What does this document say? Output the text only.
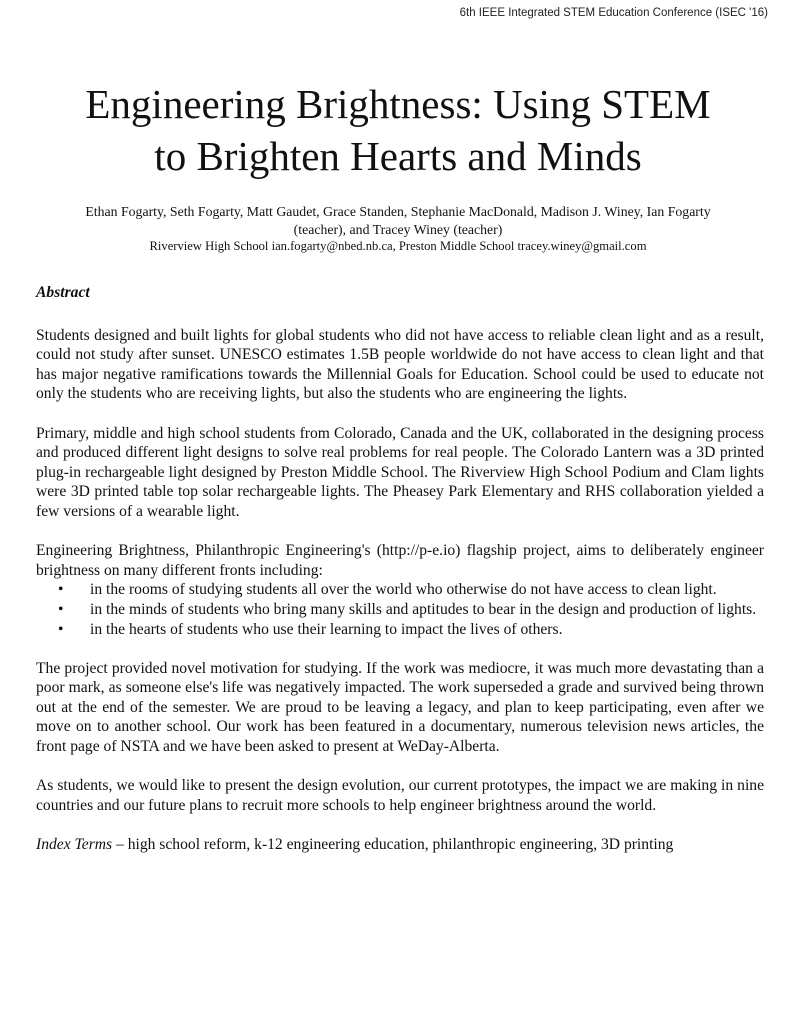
6th IEEE Integrated STEM Education Conference (ISEC '16)
Engineering Brightness: Using STEM
to Brighten Hearts and Minds
Ethan Fogarty, Seth Fogarty, Matt Gaudet, Grace Standen, Stephanie MacDonald, Madison J. Winey, Ian Fogarty
(teacher), and Tracey Winey (teacher)
Riverview High School ian.fogarty@nbed.nb.ca, Preston Middle School tracey.winey@gmail.com
Abstract

Students designed and built lights for global students who did not have access to reliable clean light and as a result, could not study after sunset. UNESCO estimates 1.5B people worldwide do not have access to clean light and that has major negative ramifications towards the Millennial Goals for Education. School could be used to educate not only the students who are receiving lights, but also the students who are engineering the lights.

Primary, middle and high school students from Colorado, Canada and the UK, collaborated in the designing process and produced different light designs to solve real problems for real people. The Colorado Lantern was a 3D printed plug-in rechargeable light designed by Preston Middle School. The Riverview High School Podium and Clam lights were 3D printed table top solar rechargeable lights. The Pheasey Park Elementary and RHS collaboration yielded a few versions of a wearable light.

Engineering Brightness, Philanthropic Engineering's (http://p-e.io) flagship project, aims to deliberately engineer brightness on many different fronts including:

• in the rooms of studying students all over the world who otherwise do not have access to clean light.
• in the minds of students who bring many skills and aptitudes to bear in the design and production of lights.
• in the hearts of students who use their learning to impact the lives of others.

The project provided novel motivation for studying. If the work was mediocre, it was much more devastating than a poor mark, as someone else's life was negatively impacted. The work superseded a grade and survived being thrown out at the end of the semester. We are proud to be leaving a legacy, and plan to keep participating, even after we move on to another school. Our work has been featured in a documentary, numerous television news articles, the front page of NSTA and we have been asked to present at WeDay-Alberta.

As students, we would like to present the design evolution, our current prototypes, the impact we are making in nine countries and our future plans to recruit more schools to help engineer brightness around the world.

Index Terms – high school reform, k-12 engineering education, philanthropic engineering, 3D printing
